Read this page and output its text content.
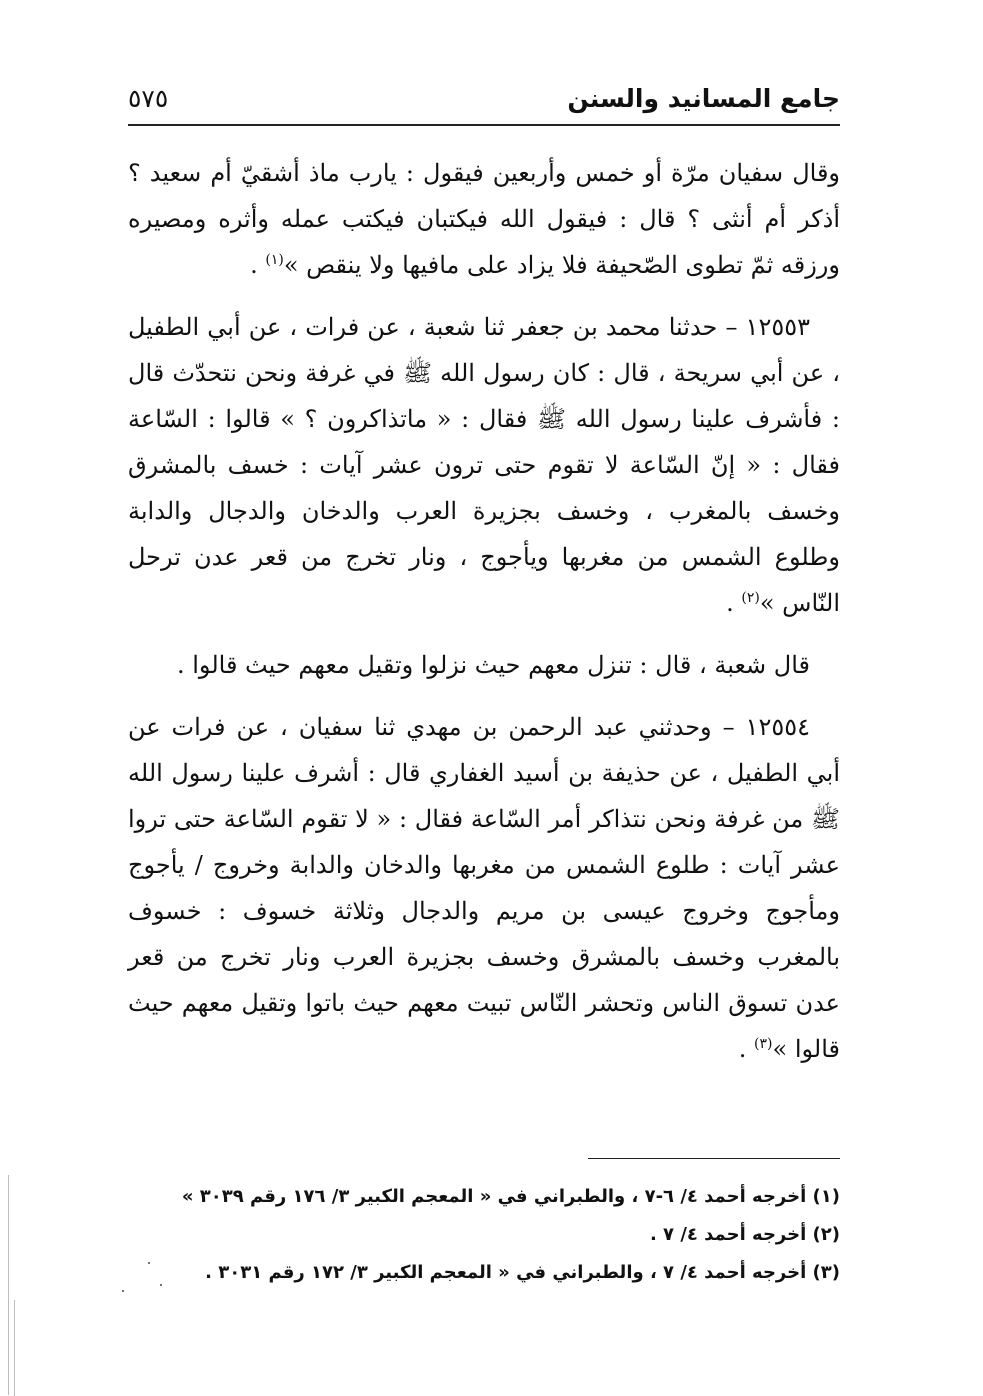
جامع المسانيد والسنن
٥٧٥

وقال سفيان مرّة أو خمس وأربعين فيقول : يارب ماذ أشقيّ أم سعيد ؟ أذكر أم أنثى ؟ قال : فيقول الله فيكتبان فيكتب عمله وأثره ومصيره ورزقه ثمّ تطوى الصّحيفة فلا يزاد على مافيها ولا ينقص »$^{(١)}$ .

١٢٥٥٣ – حدثنا محمد بن جعفر ثنا شعبة ، عن فرات ، عن أبي الطفيل ، عن أبي سريحة ، قال : كان رسول الله ﷺ في غرفة ونحن نتحدّث قال : فأشرف علينا رسول الله ﷺ فقال : « ماتذاكرون ؟ » قالوا : السّاعة فقال : « إنّ السّاعة لا تقوم حتى ترون عشر آيات : خسف بالمشرق وخسف بالمغرب ، وخسف بجزيرة العرب والدخان والدجال والدابة وطلوع الشمس من مغربها ويأجوج ، ونار تخرج من قعر عدن ترحل النّاس »$^{(٢)}$ .

قال شعبة ، قال : تنزل معهم حيث نزلوا وتقيل معهم حيث قالوا .

١٢٥٥٤ – وحدثني عبد الرحمن بن مهدي ثنا سفيان ، عن فرات عن أبي الطفيل ، عن حذيفة بن أسيد الغفاري قال : أشرف علينا رسول الله ﷺ من غرفة ونحن نتذاكر أمر السّاعة فقال : « لا تقوم السّاعة حتى تروا عشر آيات : طلوع الشمس من مغربها والدخان والدابة وخروج / يأجوج ومأجوج وخروج عيسى بن مريم والدجال وثلاثة خسوف : خسوف بالمغرب وخسف بالمشرق وخسف بجزيرة العرب ونار تخرج من قعر عدن تسوق الناس وتحشر النّاس تبيت معهم حيث باتوا وتقيل معهم حيث قالوا »$^{(٣)}$ .

(١) أخرجه أحمد ٤/ ٦-٧ ، والطبراني في « المعجم الكبير ٣/ ١٧٦ رقم ٣٠٣٩ »
(٢) أخرجه أحمد ٤/ ٧ .
(٣) أخرجه أحمد ٤/ ٧ ، والطبراني في « المعجم الكبير ٣/ ١٧٢ رقم ٣٠٣١ .
